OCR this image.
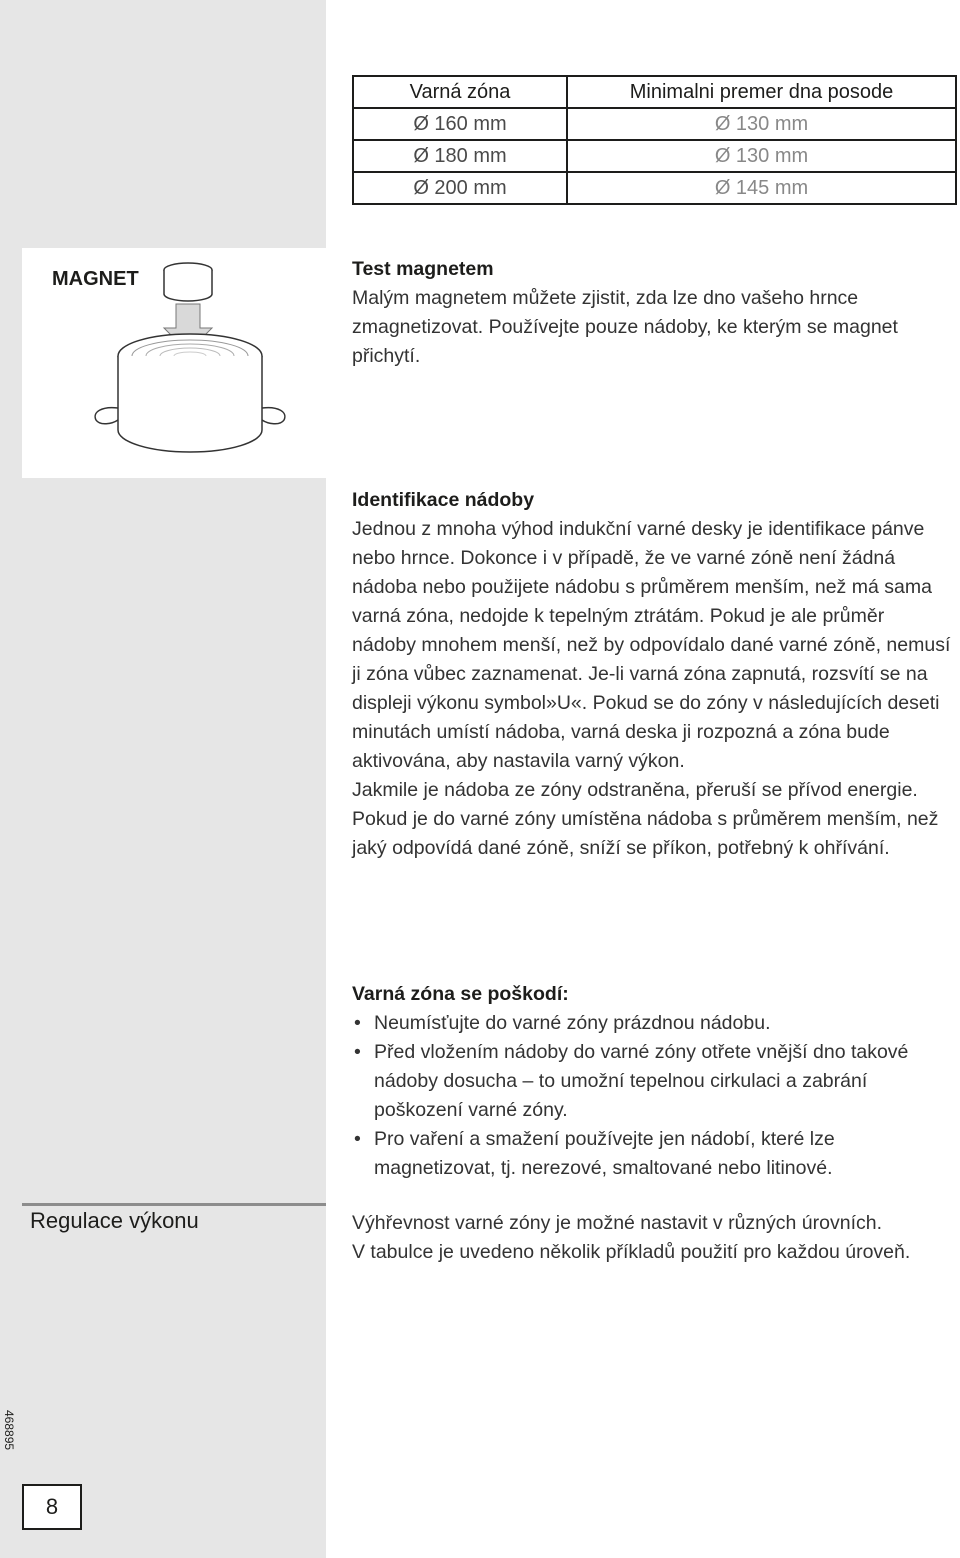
Varná zóna	Minimalni premer dna posode
Ø 160 mm	Ø 130 mm
Ø 180 mm	Ø 130 mm
Ø 200 mm	Ø 145 mm
MAGNET	Test magnetem

Malým magnetem můžete zjistit, zda lze dno vašeho hrnce zmagnetizovat. Používejte pouze nádoby, ke kterým se magnet přichytí.

Identifikace nádoby

Jednou z mnoha výhod indukční varné desky je identifikace pánve nebo hrnce. Dokonce i v případě, že ve varné zóně není žádná nádoba nebo použijete nádobu s průměrem menším, než má sama varná zóna, nedojde k tepelným ztrátám. Pokud je ale průměr nádoby mnohem menší, než by odpovídalo dané varné zóně, nemusí ji zóna vůbec zaznamenat. Je-li varná zóna zapnutá, rozsvítí se na displeji výkonu symbol»U«. Pokud se do zóny v následujících deseti minutách umístí nádoba, varná deska ji rozpozná a zóna bude aktivována, aby nastavila varný výkon.

Jakmile je nádoba ze zóny odstraněna, přeruší se přívod energie. Pokud je do varné zóny umístěna nádoba s průměrem menším, než jaký odpovídá dané zóně, sníží se příkon, potřebný k ohřívání.

Varná zóna se poškodí:
• Neumísťujte do varné zóny prázdnou nádobu.
• Před vložením nádoby do varné zóny otřete vnější dno takové nádoby dosucha – to umožní tepelnou cirkulaci a zabrání poškození varné zóny.
• Pro vaření a smažení používejte jen nádobí, které lze magnetizovat, tj. nerezové, smaltované nebo litinové.
Regulace výkonu	Výhřevnost varné zóny je možné nastavit v různých úrovních.

V tabulce je uvedeno několik příkladů použití pro každou úroveň.

468895
8
